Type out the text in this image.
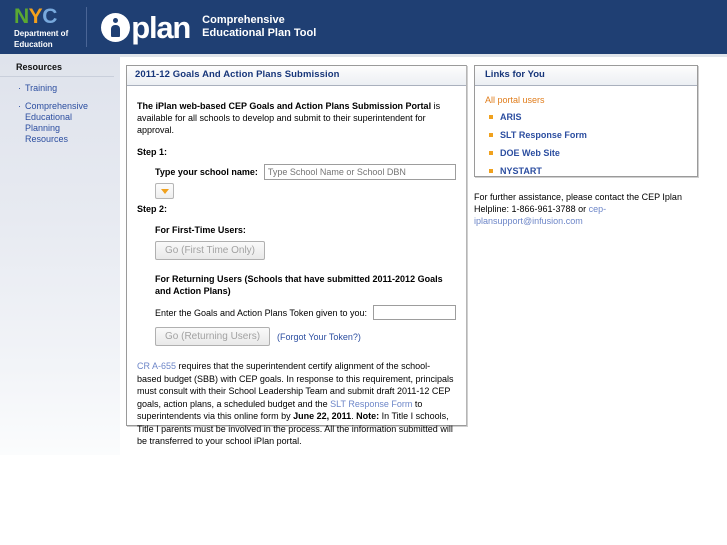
NYC
Department of
Education	plan Comprehensive
Educational Plan Tool
Resources
· Training
· Comprehensive Educational Planning Resources
2011-12 Goals And Action Plans Submission

The iPlan web-based CEP Goals and Action Plans Submission Portal is available for all schools to develop and submit to their superintendent for approval.

Step 1:
Type your school name:
Type School Name or School DBN
Step 2:
For First-Time Users:
Go (First Time Only)
For Returning Users (Schools that have submitted 2011-2012 Goals and Action Plans)
Enter the Goals and Action Plans Token given to you:
Go (Returning Users)	(Forgot Your Token?)

CR A-655 requires that the superintendent certify alignment of the school-based budget (SBB) with CEP goals. In response to this requirement, principals must consult with their School Leadership Team and submit draft 2011-12 CEP goals, action plans, a scheduled budget and the SLT Response Form to superintendents via this online form by June 22, 2011. Note: In Title I schools, Title I parents must be involved in the process. All the information submitted will be transferred to your school iPlan portal.

Links for You
All portal users
ARIS
SLT Response Form
DOE Web Site
NYSTART
For further assistance, please contact the CEP Iplan
Helpline: 1-866-961-3788 or cep-iplansupport@infusion.com
